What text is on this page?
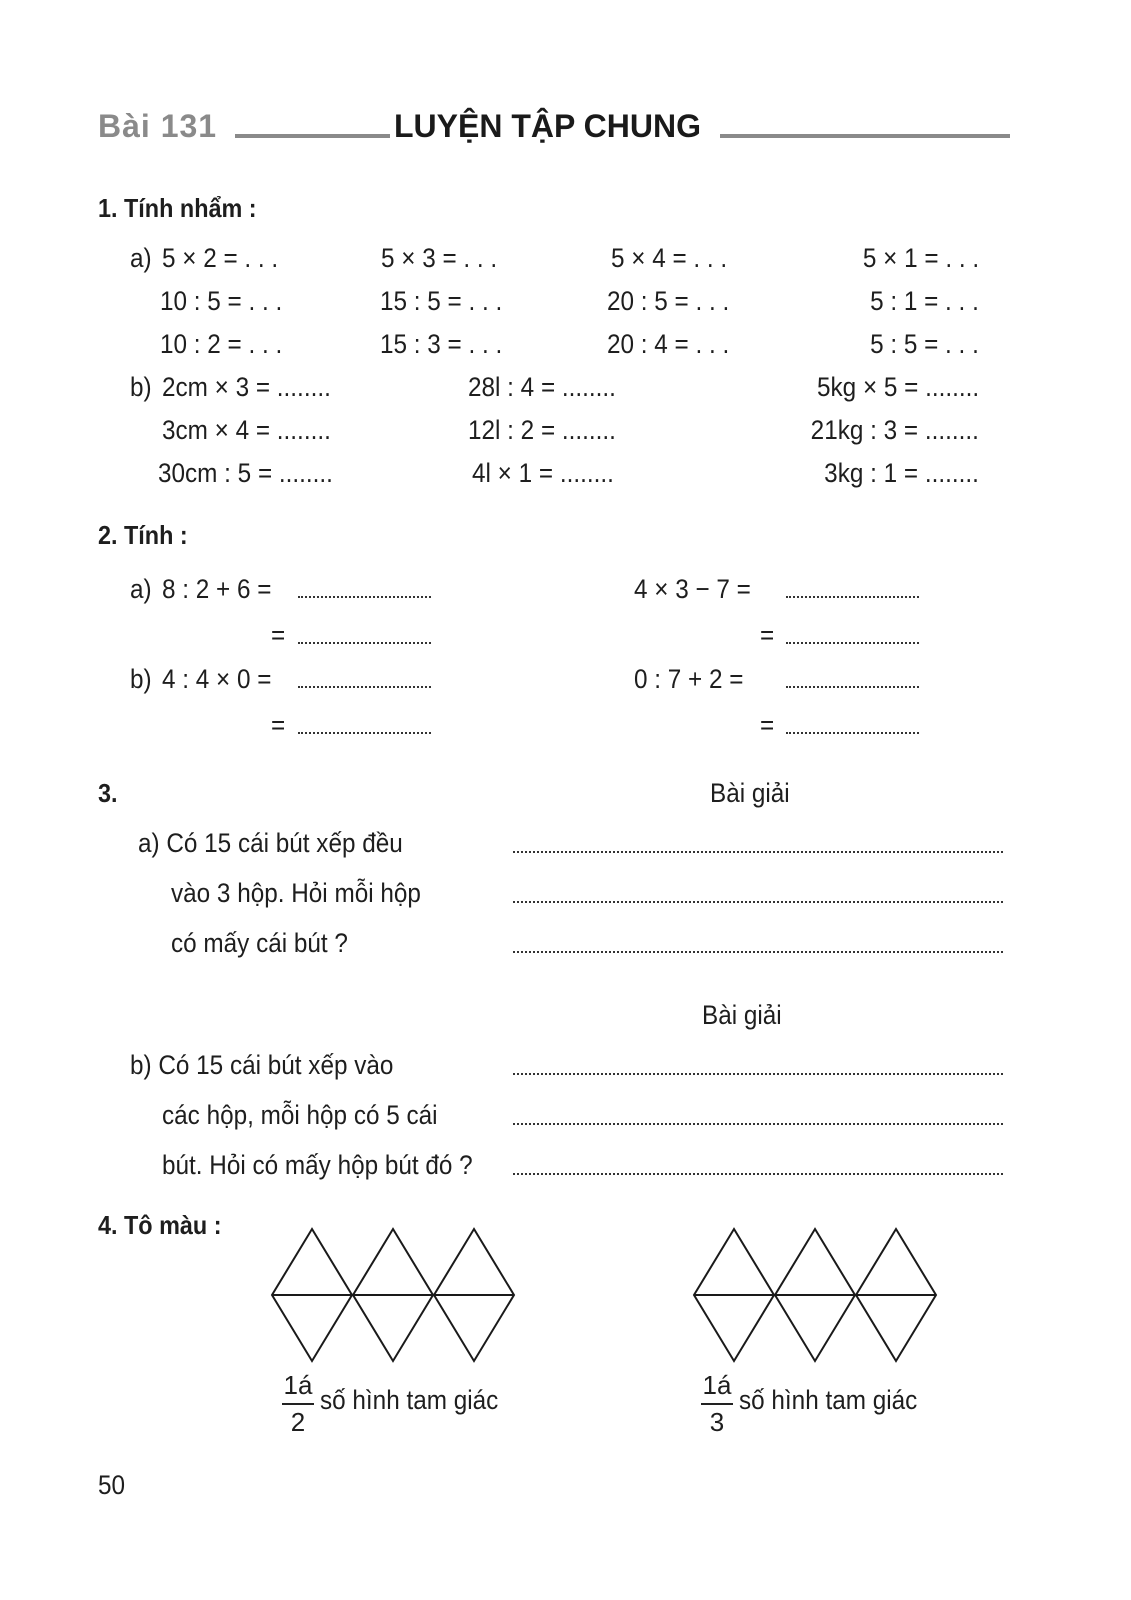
Bài 131	LUYỆN TẬP CHUNG
1. Tính nhẩm :
a) 5 × 2 = . . .	5 × 3 = . . .	5 × 4 = . . .	5 × 1 = . . .
10 : 5 = . . .	15 : 5 = . . .	20 : 5 = . . .	5 : 1 = . . .
10 : 2 = . . .	15 : 3 = . . .	20 : 4 = . . .	5 : 5 = . . .
b) 2cm × 3 = ........	28l : 4 = ........	5kg × 5 = ........
3cm × 4 = ........	12l : 2 = ........	21kg : 3 = ........
30cm : 5 = ........	4l × 1 = ........	3kg : 1 = ........
2. Tính :
a) 8 : 2 + 6 =	4 × 3 − 7 =
=	=
b) 4 : 4 × 0 =	0 : 7 + 2 =
=	=
3.	Bài giải
a) Có 15 cái bút xếp đều
vào 3 hộp. Hỏi mỗi hộp
có mấy cái bút ?
Bài giải
b) Có 15 cái bút xếp vào
các hộp, mỗi hộp có 5 cái
bút. Hỏi có mấy hộp bút đó ?
4. Tô màu :
1á
2
số hình tam giác	1á
3
số hình tam giác
50
